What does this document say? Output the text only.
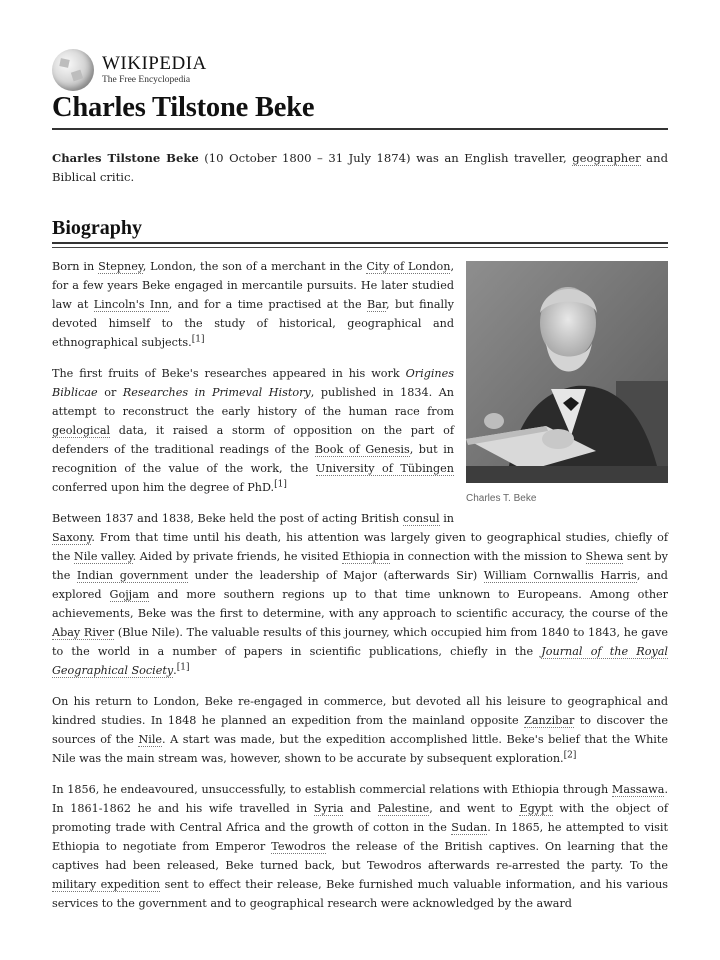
WIKIPEDIA
The Free Encyclopedia
Charles Tilstone Beke

Charles Tilstone Beke (10 October 1800 – 31 July 1874) was an English traveller, geographer and Biblical critic.

Biography
Charles T. Beke

Born in Stepney, London, the son of a merchant in the City of London, for a few years Beke engaged in mercantile pursuits. He later studied law at Lincoln's Inn, and for a time practised at the Bar, but finally devoted himself to the study of historical, geographical and ethnographical subjects.[1]

The first fruits of Beke's researches appeared in his work Origines Biblicae or Researches in Primeval History, published in 1834. An attempt to reconstruct the early history of the human race from geological data, it raised a storm of opposition on the part of defenders of the traditional readings of the Book of Genesis, but in recognition of the value of the work, the University of Tübingen conferred upon him the degree of PhD.[1]

Between 1837 and 1838, Beke held the post of acting British consul in Saxony. From that time until his death, his attention was largely given to geographical studies, chiefly of the Nile valley. Aided by private friends, he visited Ethiopia in connection with the mission to Shewa sent by the Indian government under the leadership of Major (afterwards Sir) William Cornwallis Harris, and explored Gojjam and more southern regions up to that time unknown to Europeans. Among other achievements, Beke was the first to determine, with any approach to scientific accuracy, the course of the Abay River (Blue Nile). The valuable results of this journey, which occupied him from 1840 to 1843, he gave to the world in a number of papers in scientific publications, chiefly in the Journal of the Royal Geographical Society.[1]

On his return to London, Beke re-engaged in commerce, but devoted all his leisure to geographical and kindred studies. In 1848 he planned an expedition from the mainland opposite Zanzibar to discover the sources of the Nile. A start was made, but the expedition accomplished little. Beke's belief that the White Nile was the main stream was, however, shown to be accurate by subsequent exploration.[2]

In 1856, he endeavoured, unsuccessfully, to establish commercial relations with Ethiopia through Massawa. In 1861-1862 he and his wife travelled in Syria and Palestine, and went to Egypt with the object of promoting trade with Central Africa and the growth of cotton in the Sudan. In 1865, he attempted to visit Ethiopia to negotiate from Emperor Tewodros the release of the British captives. On learning that the captives had been released, Beke turned back, but Tewodros afterwards re-arrested the party. To the military expedition sent to effect their release, Beke furnished much valuable information, and his various services to the government and to geographical research were acknowledged by the award
